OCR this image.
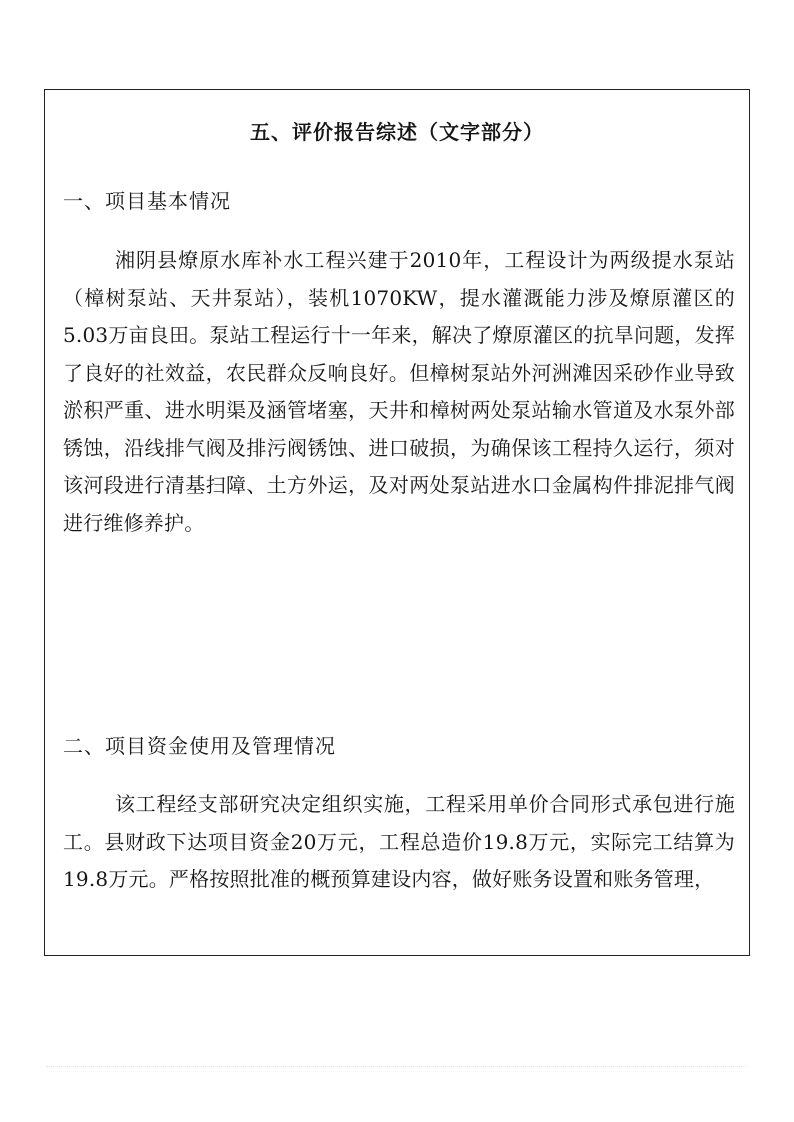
五、评价报告综述（文字部分）
一、项目基本情况

湘阴县燎原水库补水工程兴建于2010年，工程设计为两级提水泵站（樟树泵站、天井泵站），装机1070KW，提水灌溉能力涉及燎原灌区的5.03万亩良田。泵站工程运行十一年来，解决了燎原灌区的抗旱问题，发挥了良好的社效益，农民群众反响良好。但樟树泵站外河洲滩因采砂作业导致淤积严重、进水明渠及涵管堵塞，天井和樟树两处泵站输水管道及水泵外部锈蚀，沿线排气阀及排污阀锈蚀、进口破损，为确保该工程持久运行，须对该河段进行清基扫障、土方外运，及对两处泵站进水口金属构件排泥排气阀进行维修养护。

二、项目资金使用及管理情况

该工程经支部研究决定组织实施，工程采用单价合同形式承包进行施工。县财政下达项目资金20万元，工程总造价19.8万元，实际完工结算为19.8万元。严格按照批准的概预算建设内容，做好账务设置和账务管理，
